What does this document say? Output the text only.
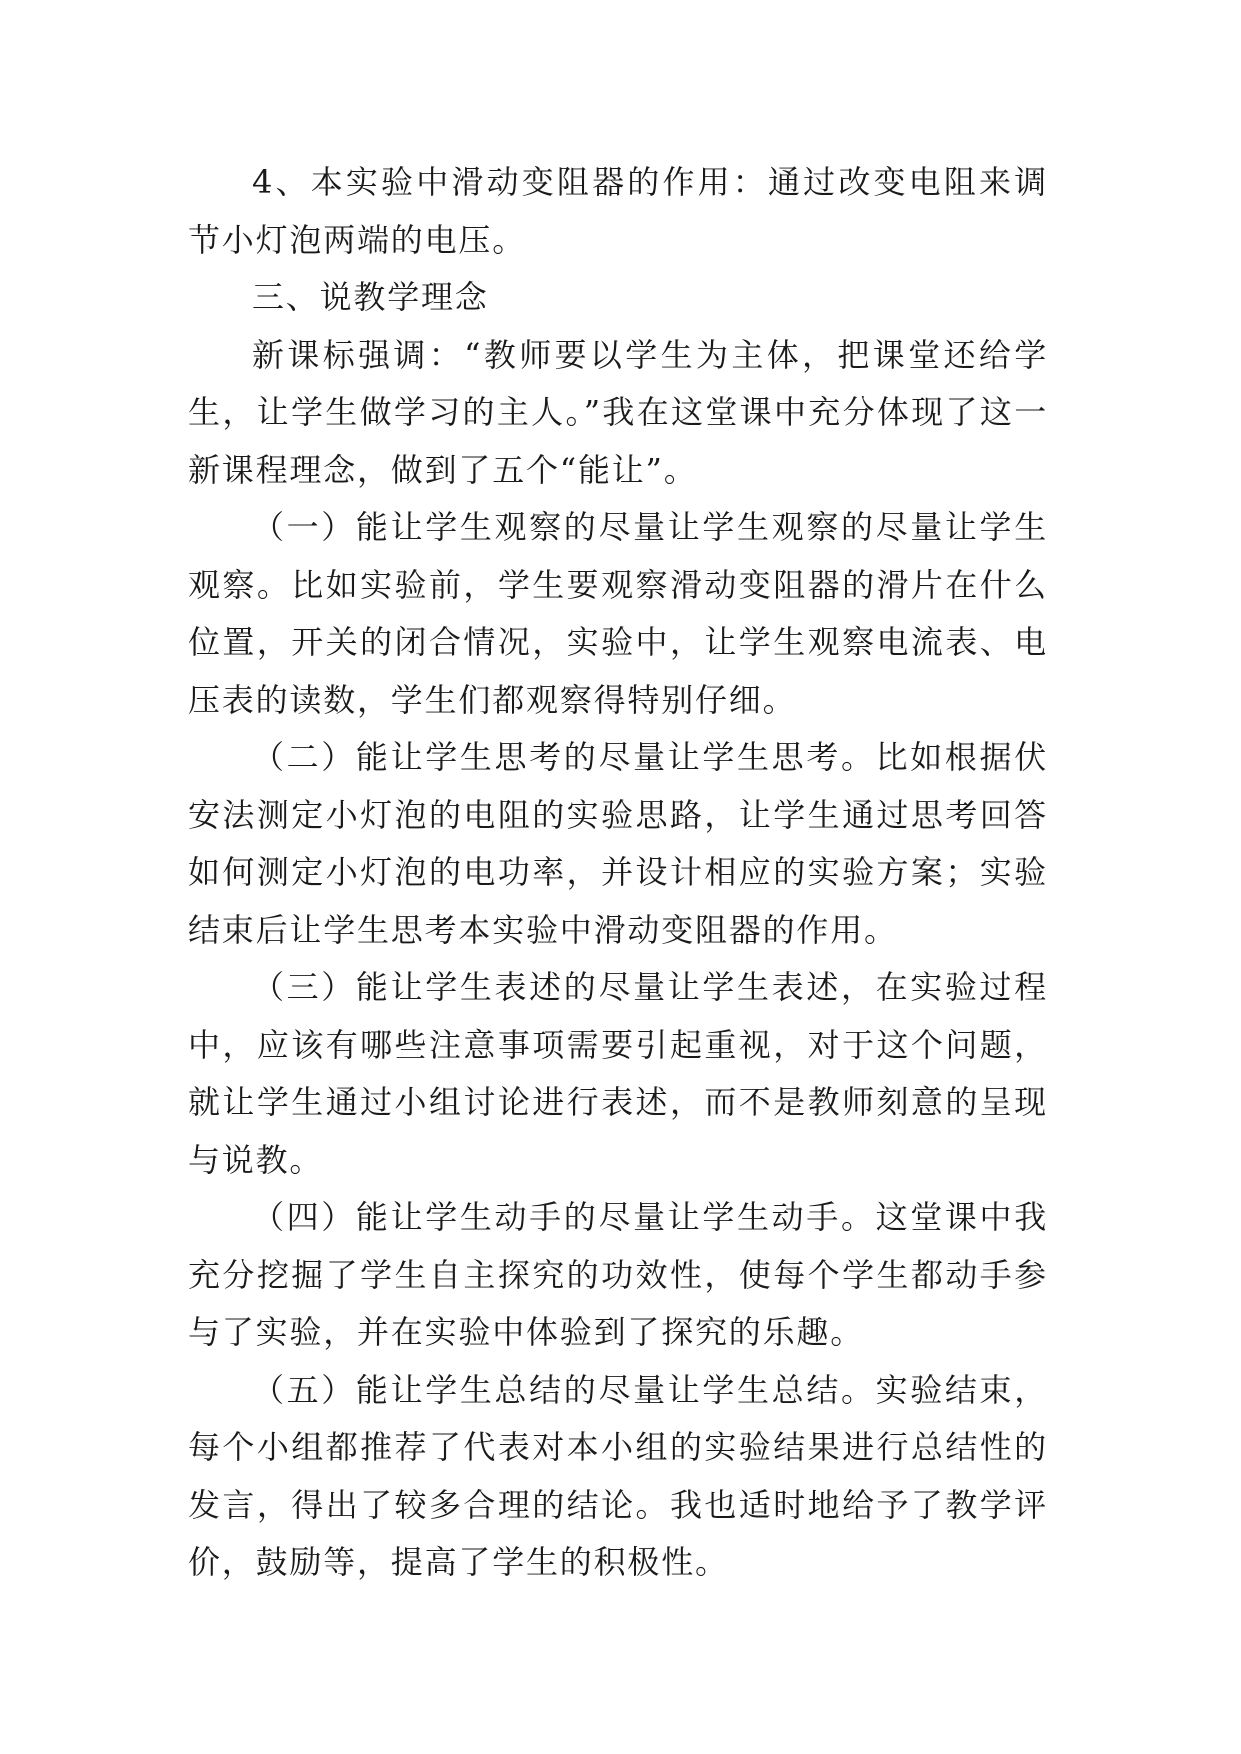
4、本实验中滑动变阻器的作用：通过改变电阻来调节小灯泡两端的电压。

三、说教学理念

新课标强调：“教师要以学生为主体，把课堂还给学生，让学生做学习的主人。”我在这堂课中充分体现了这一新课程理念，做到了五个“能让”。

（一）能让学生观察的尽量让学生观察的尽量让学生观察。比如实验前，学生要观察滑动变阻器的滑片在什么位置，开关的闭合情况，实验中，让学生观察电流表、电压表的读数，学生们都观察得特别仔细。

（二）能让学生思考的尽量让学生思考。比如根据伏安法测定小灯泡的电阻的实验思路，让学生通过思考回答如何测定小灯泡的电功率，并设计相应的实验方案；实验结束后让学生思考本实验中滑动变阻器的作用。

（三）能让学生表述的尽量让学生表述，在实验过程中，应该有哪些注意事项需要引起重视，对于这个问题，就让学生通过小组讨论进行表述，而不是教师刻意的呈现与说教。

（四）能让学生动手的尽量让学生动手。这堂课中我充分挖掘了学生自主探究的功效性，使每个学生都动手参与了实验，并在实验中体验到了探究的乐趣。

（五）能让学生总结的尽量让学生总结。实验结束，每个小组都推荐了代表对本小组的实验结果进行总结性的发言，得出了较多合理的结论。我也适时地给予了教学评价，鼓励等，提高了学生的积极性。
